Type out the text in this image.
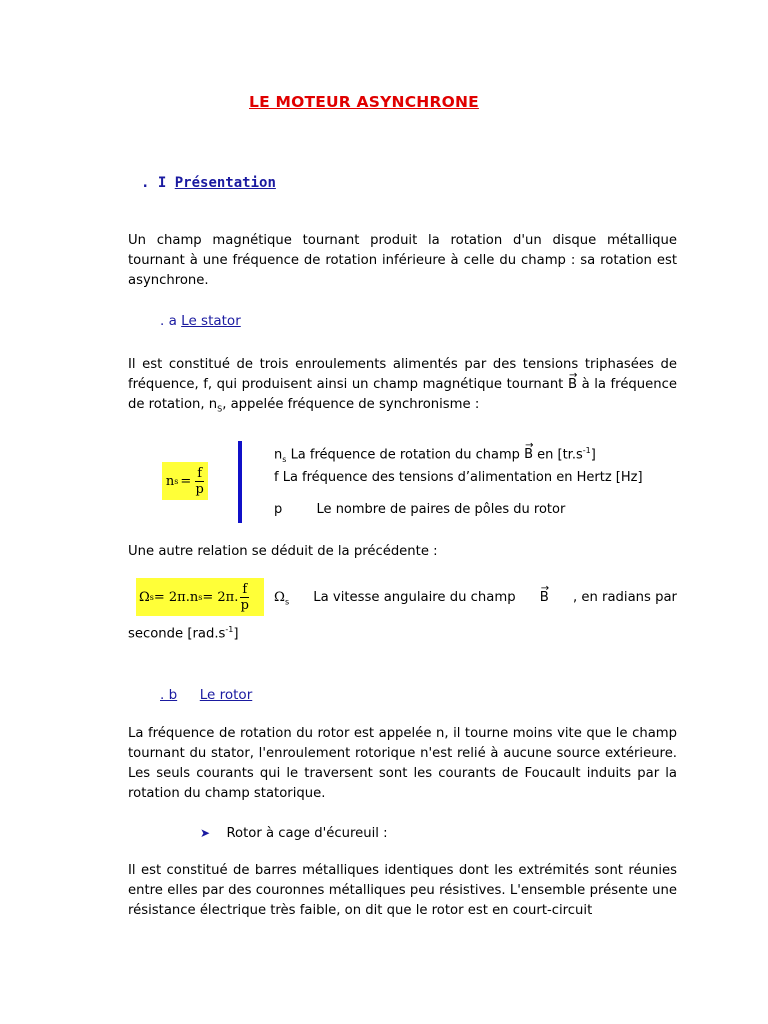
LE MOTEUR ASYNCHRONE
. I Présentation
Un champ magnétique tournant produit la rotation d'un disque métallique tournant à une fréquence de rotation inférieure à celle du champ : sa rotation est asynchrone.
. a Le stator
Il est constitué de trois enroulements alimentés par des tensions triphasées de fréquence, f, qui produisent ainsi un champ magnétique tournant → B à la fréquence de rotation, $n_S$, appelée fréquence de synchronisme :
n $s = \frac{f}{p}$
$n_s$ La fréquence de rotation du champ → B en $[tr.s^{-1}]$
f La fréquence des tensions d’alimentation en Hertz [Hz]
p	Le nombre de paires de pôles du rotor
Une autre relation se déduit de la précédente :
Ω s = 2π.n s = 2π. $\frac{f}{p} \Omega_s$ La vitesse angulaire du champ → B , en radians par
seconde $[rad.s^{-1}]$
. b Le rotor
La fréquence de rotation du rotor est appelée n, il tourne moins vite que le champ tournant du stator, l'enroulement rotorique n'est relié à aucune source extérieure. Les seuls courants qui le traversent sont les courants de Foucault induits par la rotation du champ statorique.
➤ Rotor à cage d'écureuil :
Il est constitué de barres métalliques identiques dont les extrémités sont réunies entre elles par des couronnes métalliques peu résistives. L'ensemble présente une résistance électrique très faible, on dit que le rotor est en court-circuit
